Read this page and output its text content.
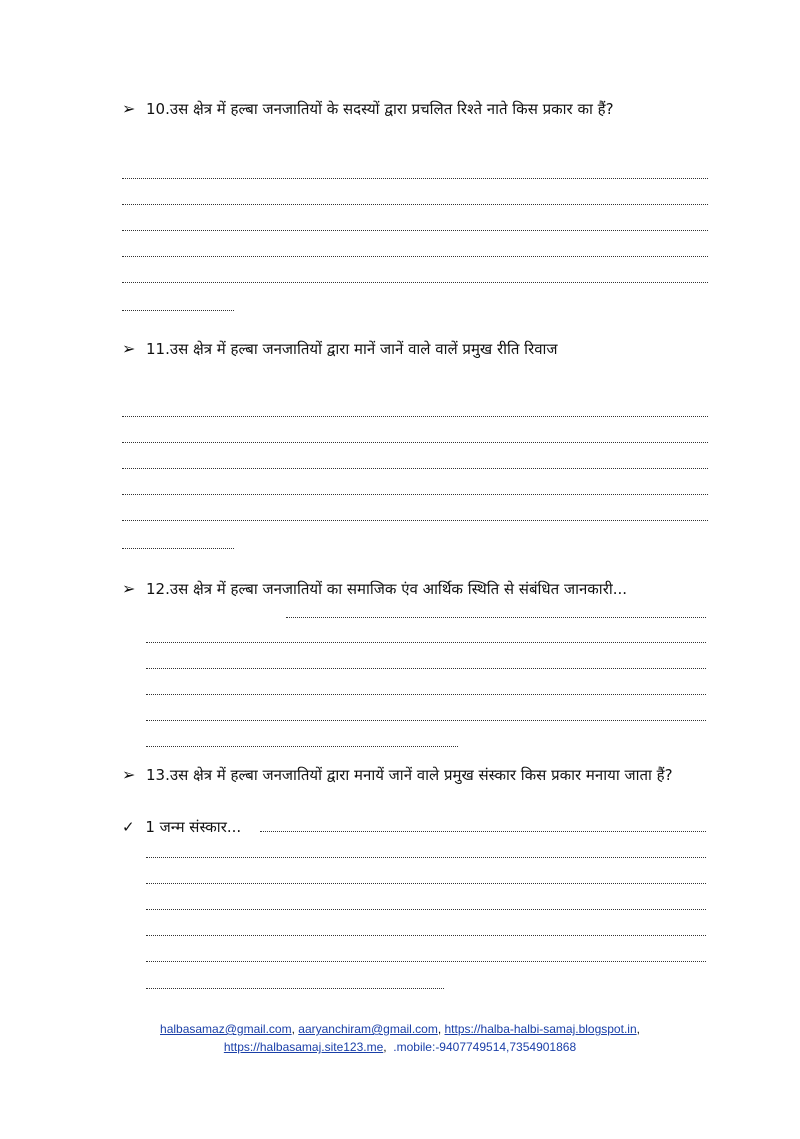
➢ 10.उस क्षेत्र में हल्बा जनजातियों के सदस्यों द्वारा प्रचलित रिश्ते नाते किस प्रकार का हैं?
➢ 11.उस क्षेत्र में हल्बा जनजातियों द्वारा मानें जानें वाले वालें प्रमुख रीति रिवाज
➢ 12.उस क्षेत्र में हल्बा जनजातियों का समाजिक एंव आर्थिक स्थिति से संबंधित जानकारी...
➢ 13.उस क्षेत्र में हल्बा जनजातियों द्वारा मनायें जानें वाले प्रमुख संस्कार किस प्रकार मनाया जाता हैं?
✓ 1 जन्म संस्कार...
halbasamaz@gmail.com, aaryanchiram@gmail.com, https://halba-halbi-samaj.blogspot.in,
https://halbasamaj.site123.me,  .mobile:-9407749514,7354901868
